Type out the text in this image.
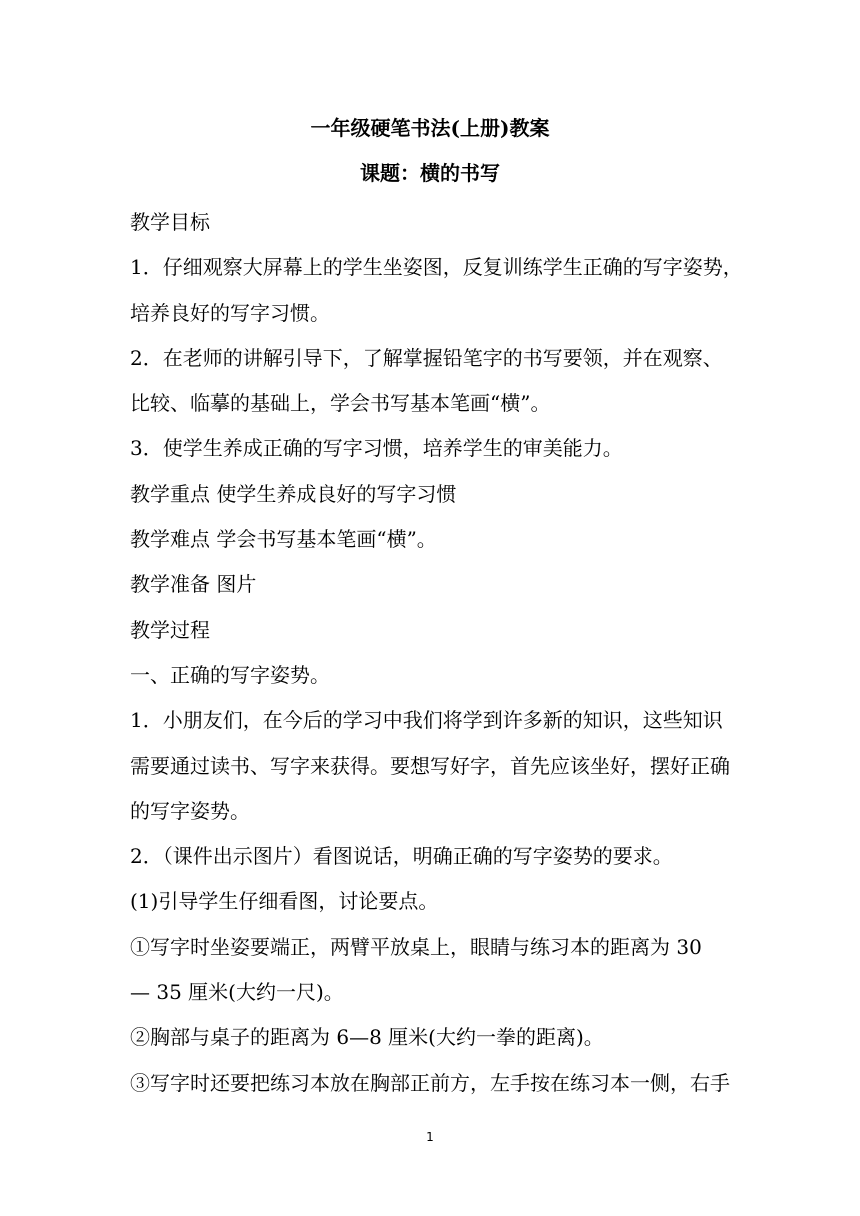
一年级硬笔书法(上册)教案
课题：横的书写
教学目标
1．仔细观察大屏幕上的学生坐姿图，反复训练学生正确的写字姿势，
培养良好的写字习惯。
2．在老师的讲解引导下，了解掌握铅笔字的书写要领，并在观察、
比较、临摹的基础上，学会书写基本笔画“横”。
3．使学生养成正确的写字习惯，培养学生的审美能力。
教学重点 使学生养成良好的写字习惯
教学难点 学会书写基本笔画“横”。
教学准备 图片
教学过程
一、正确的写字姿势。
1．小朋友们，在今后的学习中我们将学到许多新的知识，这些知识
需要通过读书、写字来获得。要想写好字，首先应该坐好，摆好正确
的写字姿势。
2．（课件出示图片）看图说话，明确正确的写字姿势的要求。
(1)引导学生仔细看图，讨论要点。
①写字时坐姿要端正，两臂平放桌上，眼睛与练习本的距离为 30
— 35 厘米(大约一尺)。
②胸部与桌子的距离为 6—8 厘米(大约一拳的距离)。
③写字时还要把练习本放在胸部正前方，左手按在练习本一侧，右手
1
